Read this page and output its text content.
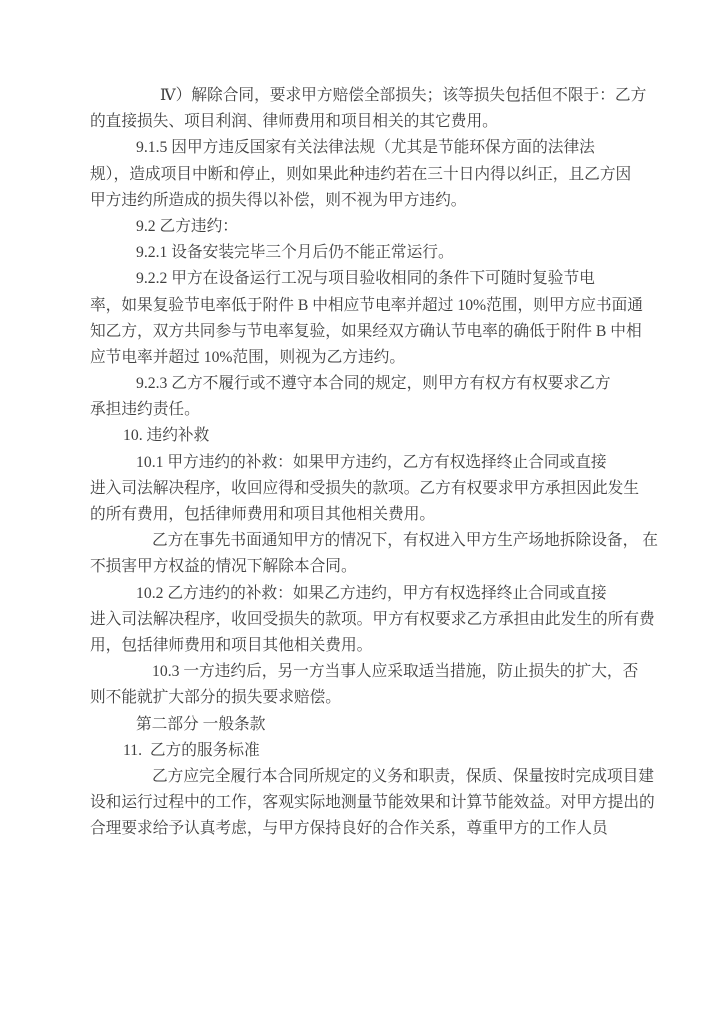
Ⅳ）解除合同，要求甲方赔偿全部损失；该等损失包括但不限于：乙方
的直接损失、项目利润、律师费用和项目相关的其它费用。
9.1.5 因甲方违反国家有关法律法规（尤其是节能环保方面的法律法
规），造成项目中断和停止，则如果此种违约若在三十日内得以纠正，且乙方因
甲方违约所造成的损失得以补偿，则不视为甲方违约。
9.2 乙方违约：
9.2.1 设备安装完毕三个月后仍不能正常运行。
9.2.2 甲方在设备运行工况与项目验收相同的条件下可随时复验节电
率，如果复验节电率低于附件 B 中相应节电率并超过 10%范围，则甲方应书面通
知乙方，双方共同参与节电率复验，如果经双方确认节电率的确低于附件 B 中相
应节电率并超过 10%范围，则视为乙方违约。
9.2.3 乙方不履行或不遵守本合同的规定，则甲方有权方有权要求乙方
承担违约责任。
10. 违约补救
10.1 甲方违约的补救：如果甲方违约，乙方有权选择终止合同或直接
进入司法解决程序，收回应得和受损失的款项。乙方有权要求甲方承担因此发生
的所有费用，包括律师费用和项目其他相关费用。
乙方在事先书面通知甲方的情况下，有权进入甲方生产场地拆除设备， 在
不损害甲方权益的情况下解除本合同。
10.2 乙方违约的补救：如果乙方违约，甲方有权选择终止合同或直接
进入司法解决程序，收回受损失的款项。甲方有权要求乙方承担由此发生的所有费
用，包括律师费用和项目其他相关费用。
10.3 一方违约后，另一方当事人应采取适当措施，防止损失的扩大，否
则不能就扩大部分的损失要求赔偿。
第二部分 一般条款
11.  乙方的服务标准
乙方应完全履行本合同所规定的义务和职责，保质、保量按时完成项目建
设和运行过程中的工作，客观实际地测量节能效果和计算节能效益。对甲方提出的
合理要求给予认真考虑，与甲方保持良好的合作关系，尊重甲方的工作人员
